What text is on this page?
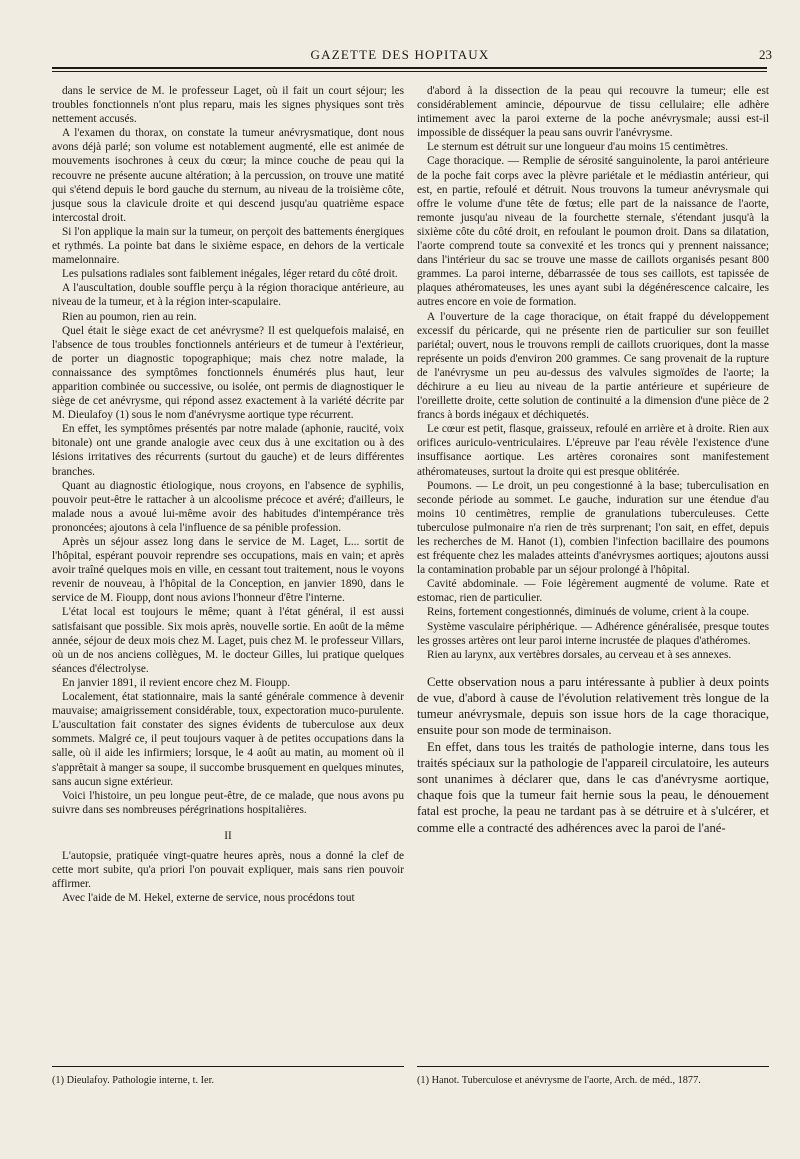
GAZETTE DES HOPITAUX	23

dans le service de M. le professeur Laget, où il fait un court séjour; les troubles fonctionnels n'ont plus reparu, mais les signes physiques sont très nettement accusés.

A l'examen du thorax, on constate la tumeur anévrysmatique, dont nous avons déjà parlé; son volume est notablement augmenté, elle est animée de mouvements isochrones à ceux du cœur; la mince couche de peau qui la recouvre ne présente aucune altération; à la percussion, on trouve une matité qui s'étend depuis le bord gauche du sternum, au niveau de la troisième côte, jusque sous la clavicule droite et qui descend jusqu'au quatrième espace intercostal droit.

Si l'on applique la main sur la tumeur, on perçoit des battements énergiques et rythmés. La pointe bat dans le sixième espace, en dehors de la verticale mamelonnaire.

Les pulsations radiales sont faiblement inégales, léger retard du côté droit.

A l'auscultation, double souffle perçu à la région thoracique antérieure, au niveau de la tumeur, et à la région inter-scapulaire.

Rien au poumon, rien au rein.

Quel était le siège exact de cet anévrysme? Il est quelquefois malaisé, en l'absence de tous troubles fonctionnels antérieurs et de tumeur à l'extérieur, de porter un diagnostic topographique; mais chez notre malade, la connaissance des symptômes fonctionnels énumérés plus haut, leur apparition combinée ou successive, ou isolée, ont permis de diagnostiquer le siège de cet anévrysme, qui répond assez exactement à la variété décrite par M. Dieulafoy (1) sous le nom d'anévrysme aortique type récurrent.

En effet, les symptômes présentés par notre malade (aphonie, raucité, voix bitonale) ont une grande analogie avec ceux dus à une excitation ou à des lésions irritatives des récurrents (surtout du gauche) et de leurs différentes branches.

Quant au diagnostic étiologique, nous croyons, en l'absence de syphilis, pouvoir peut-être le rattacher à un alcoolisme précoce et avéré; d'ailleurs, le malade nous a avoué lui-même avoir des habitudes d'intempérance très prononcées; ajoutons à cela l'influence de sa pénible profession.

Après un séjour assez long dans le service de M. Laget, L... sortit de l'hôpital, espérant pouvoir reprendre ses occupations, mais en vain; et après avoir traîné quelques mois en ville, en cessant tout traitement, nous le voyons revenir de nouveau, à l'hôpital de la Conception, en janvier 1890, dans le service de M. Fioupp, dont nous avions l'honneur d'être l'interne.

L'état local est toujours le même; quant à l'état général, il est aussi satisfaisant que possible. Six mois après, nouvelle sortie. En août de la même année, séjour de deux mois chez M. Laget, puis chez M. le professeur Villars, où un de nos anciens collègues, M. le docteur Gilles, lui pratique quelques séances d'électrolyse.

En janvier 1891, il revient encore chez M. Fioupp.

Localement, état stationnaire, mais la santé générale commence à devenir mauvaise; amaigrissement considérable, toux, expectoration muco-purulente. L'auscultation fait constater des signes évidents de tuberculose aux deux sommets. Malgré ce, il peut toujours vaquer à de petites occupations dans la salle, où il aide les infirmiers; lorsque, le 4 août au matin, au moment où il s'apprêtait à manger sa soupe, il succombe brusquement en quelques minutes, sans aucun signe extérieur.

Voici l'histoire, un peu longue peut-être, de ce malade, que nous avons pu suivre dans ses nombreuses pérégrinations hospitalières.

II

L'autopsie, pratiquée vingt-quatre heures après, nous a donné la clef de cette mort subite, qu'a priori l'on pouvait expliquer, mais sans rien pouvoir affirmer.

Avec l'aide de M. Hekel, externe de service, nous procédons tout

d'abord à la dissection de la peau qui recouvre la tumeur; elle est considérablement amincie, dépourvue de tissu cellulaire; elle adhère intimement avec la paroi externe de la poche anévrysmale; aussi est-il impossible de disséquer la peau sans ouvrir l'anévrysme.

Le sternum est détruit sur une longueur d'au moins 15 centimètres.

Cage thoracique. — Remplie de sérosité sanguinolente, la paroi antérieure de la poche fait corps avec la plèvre pariétale et le médiastin antérieur, qui est, en partie, refoulé et détruit. Nous trouvons la tumeur anévrysmale qui offre le volume d'une tête de fœtus; elle part de la naissance de l'aorte, remonte jusqu'au niveau de la fourchette sternale, s'étendant jusqu'à la sixième côte du côté droit, en refoulant le poumon droit. Dans sa dilatation, l'aorte comprend toute sa convexité et les troncs qui y prennent naissance; dans l'intérieur du sac se trouve une masse de caillots organisés pesant 800 grammes. La paroi interne, débarrassée de tous ses caillots, est tapissée de plaques athéromateuses, les unes ayant subi la dégénérescence calcaire, les autres encore en voie de formation.

A l'ouverture de la cage thoracique, on était frappé du développement excessif du péricarde, qui ne présente rien de particulier sur son feuillet pariétal; ouvert, nous le trouvons rempli de caillots cruoriques, dont la masse représente un poids d'environ 200 grammes. Ce sang provenait de la rupture de l'anévrysme un peu au-dessus des valvules sigmoïdes de l'aorte; la déchirure a eu lieu au niveau de la partie antérieure et supérieure de l'oreillette droite, cette solution de continuité a la dimension d'une pièce de 2 francs à bords inégaux et déchiquetés.

Le cœur est petit, flasque, graisseux, refoulé en arrière et à droite. Rien aux orifices auriculo-ventriculaires. L'épreuve par l'eau révèle l'existence d'une insuffisance aortique. Les artères coronaires sont manifestement athéromateuses, surtout la droite qui est presque oblitérée.

Poumons. — Le droit, un peu congestionné à la base; tuberculisation en seconde période au sommet. Le gauche, induration sur une étendue d'au moins 10 centimètres, remplie de granulations tuberculeuses. Cette tuberculose pulmonaire n'a rien de très surprenant; l'on sait, en effet, depuis les recherches de M. Hanot (1), combien l'infection bacillaire des poumons est fréquente chez les malades atteints d'anévrysmes aortiques; ajoutons aussi la contamination probable par un séjour prolongé à l'hôpital.

Cavité abdominale. — Foie légèrement augmenté de volume. Rate et estomac, rien de particulier.

Reins, fortement congestionnés, diminués de volume, crient à la coupe.

Système vasculaire périphérique. — Adhérence généralisée, presque toutes les grosses artères ont leur paroi interne incrustée de plaques d'athéromes.

Rien au larynx, aux vertèbres dorsales, au cerveau et à ses annexes.

Cette observation nous a paru intéressante à publier à deux points de vue, d'abord à cause de l'évolution relativement très longue de la tumeur anévrysmale, depuis son issue hors de la cage thoracique, ensuite pour son mode de terminaison.

En effet, dans tous les traités de pathologie interne, dans tous les traités spéciaux sur la pathologie de l'appareil circulatoire, les auteurs sont unanimes à déclarer que, dans le cas d'anévrysme aortique, chaque fois que la tumeur fait hernie sous la peau, le dénouement fatal est proche, la peau ne tardant pas à se détruire et à s'ulcérer, et comme elle a contracté des adhérences avec la paroi de l'ané-

(1) Dieulafoy. Pathologie interne, t. Ier.	(1) Hanot. Tuberculose et anévrysme de l'aorte, Arch. de méd., 1877.
